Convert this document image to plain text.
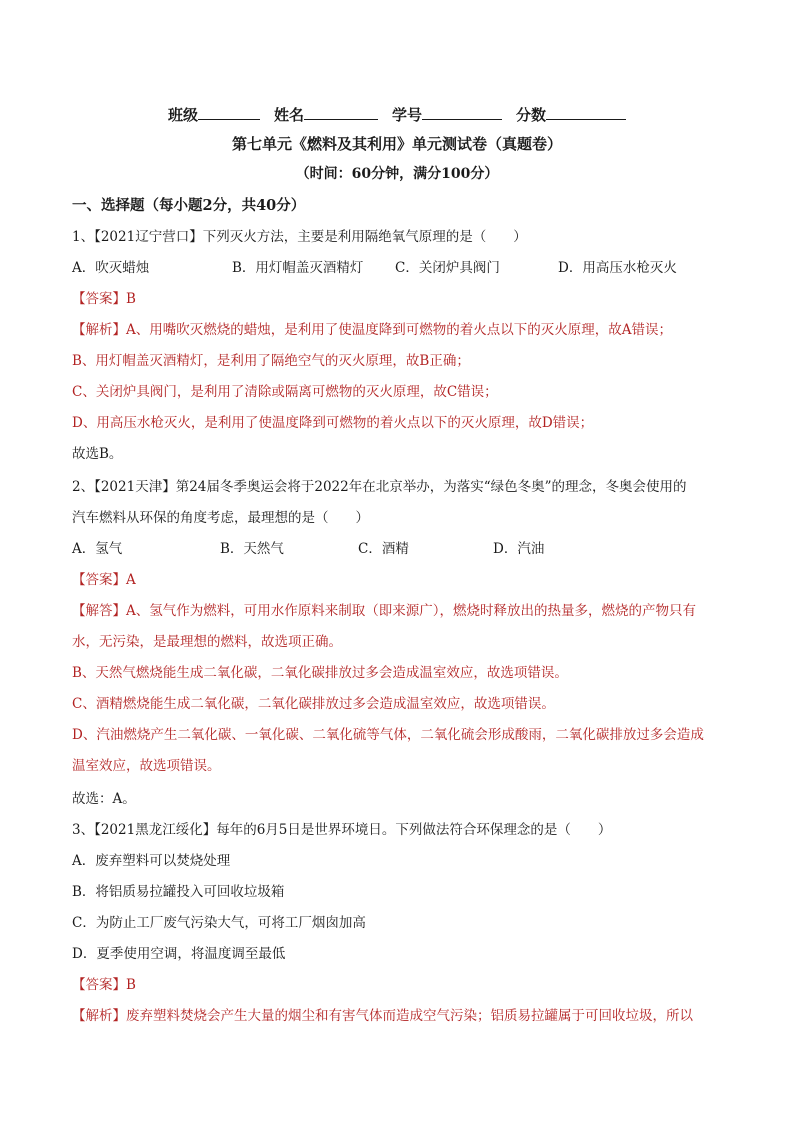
班级	姓名	学号	分数
第七单元《燃料及其利用》单元测试卷（真题卷）
（时间：60分钟，满分100分）
一、选择题（每小题2分，共40分）
1、【2021辽宁营口】下列灭火方法，主要是利用隔绝氧气原理的是（　　）
A．吹灭蜡烛	B．用灯帽盖灭酒精灯 C．关闭炉具阀门	D．用高压水枪灭火
【答案】B
【解析】A、用嘴吹灭燃烧的蜡烛，是利用了使温度降到可燃物的着火点以下的灭火原理，故A错误；
B、用灯帽盖灭酒精灯，是利用了隔绝空气的灭火原理，故B正确；
C、关闭炉具阀门，是利用了清除或隔离可燃物的灭火原理，故C错误；
D、用高压水枪灭火，是利用了使温度降到可燃物的着火点以下的灭火原理，故D错误；
故选B。
2、【2021天津】第24届冬季奥运会将于2022年在北京举办，为落实“绿色冬奥”的理念，冬奥会使用的
汽车燃料从环保的角度考虑，最理想的是（　　）
A．氢气	B．天然气	C．酒精	D．汽油
【答案】A
【解答】A、氢气作为燃料，可用水作原料来制取（即来源广），燃烧时释放出的热量多，燃烧的产物只有
水，无污染，是最理想的燃料，故选项正确。
B、天然气燃烧能生成二氧化碳，二氧化碳排放过多会造成温室效应，故选项错误。
C、酒精燃烧能生成二氧化碳，二氧化碳排放过多会造成温室效应，故选项错误。
D、汽油燃烧产生二氧化碳、一氧化碳、二氧化硫等气体，二氧化硫会形成酸雨，二氧化碳排放过多会造成
温室效应，故选项错误。
故选：A。
3、【2021黑龙江绥化】每年的6月5日是世界环境日。下列做法符合环保理念的是（　　）
A．废弃塑料可以焚烧处理
B．将铝质易拉罐投入可回收垃圾箱
C．为防止工厂废气污染大气，可将工厂烟囱加高
D．夏季使用空调，将温度调至最低
【答案】B
【解析】废弃塑料焚烧会产生大量的烟尘和有害气体而造成空气污染；铝质易拉罐属于可回收垃圾，所以
